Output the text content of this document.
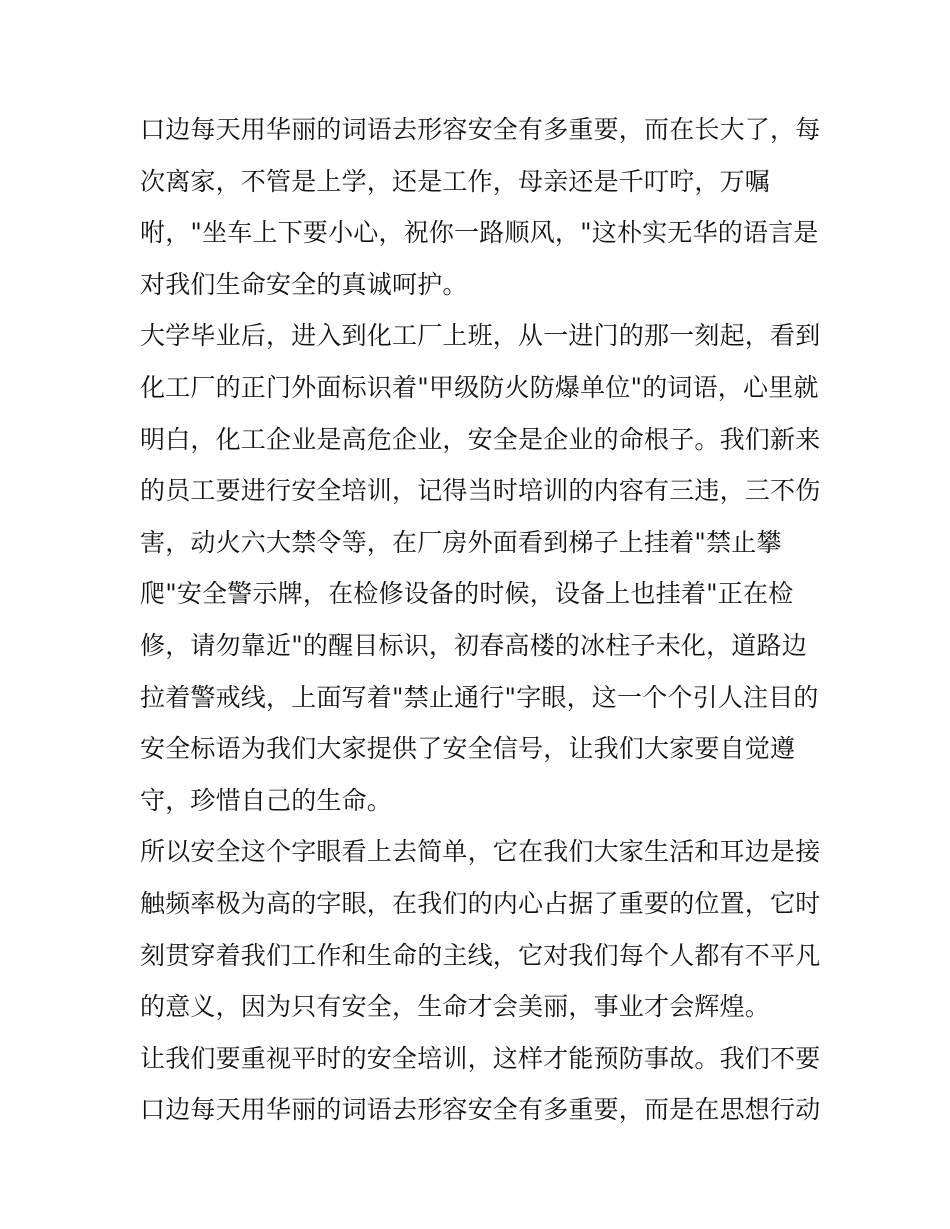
口边每天用华丽的词语去形容安全有多重要，而在长大了，每
次离家，不管是上学，还是工作，母亲还是千叮咛，万嘱
咐，"坐车上下要小心，祝你一路顺风，"这朴实无华的语言是
对我们生命安全的真诚呵护。
大学毕业后，进入到化工厂上班，从一进门的那一刻起，看到
化工厂的正门外面标识着"甲级防火防爆单位"的词语，心里就
明白，化工企业是高危企业，安全是企业的命根子。我们新来
的员工要进行安全培训，记得当时培训的内容有三违，三不伤
害，动火六大禁令等，在厂房外面看到梯子上挂着"禁止攀
爬"安全警示牌，在检修设备的时候，设备上也挂着"正在检
修，请勿靠近"的醒目标识，初春高楼的冰柱子未化，道路边
拉着警戒线，上面写着"禁止通行"字眼，这一个个引人注目的
安全标语为我们大家提供了安全信号，让我们大家要自觉遵
守，珍惜自己的生命。
所以安全这个字眼看上去简单，它在我们大家生活和耳边是接
触频率极为高的字眼，在我们的内心占据了重要的位置，它时
刻贯穿着我们工作和生命的主线，它对我们每个人都有不平凡
的意义，因为只有安全，生命才会美丽，事业才会辉煌。
让我们要重视平时的安全培训，这样才能预防事故。我们不要
口边每天用华丽的词语去形容安全有多重要，而是在思想行动
